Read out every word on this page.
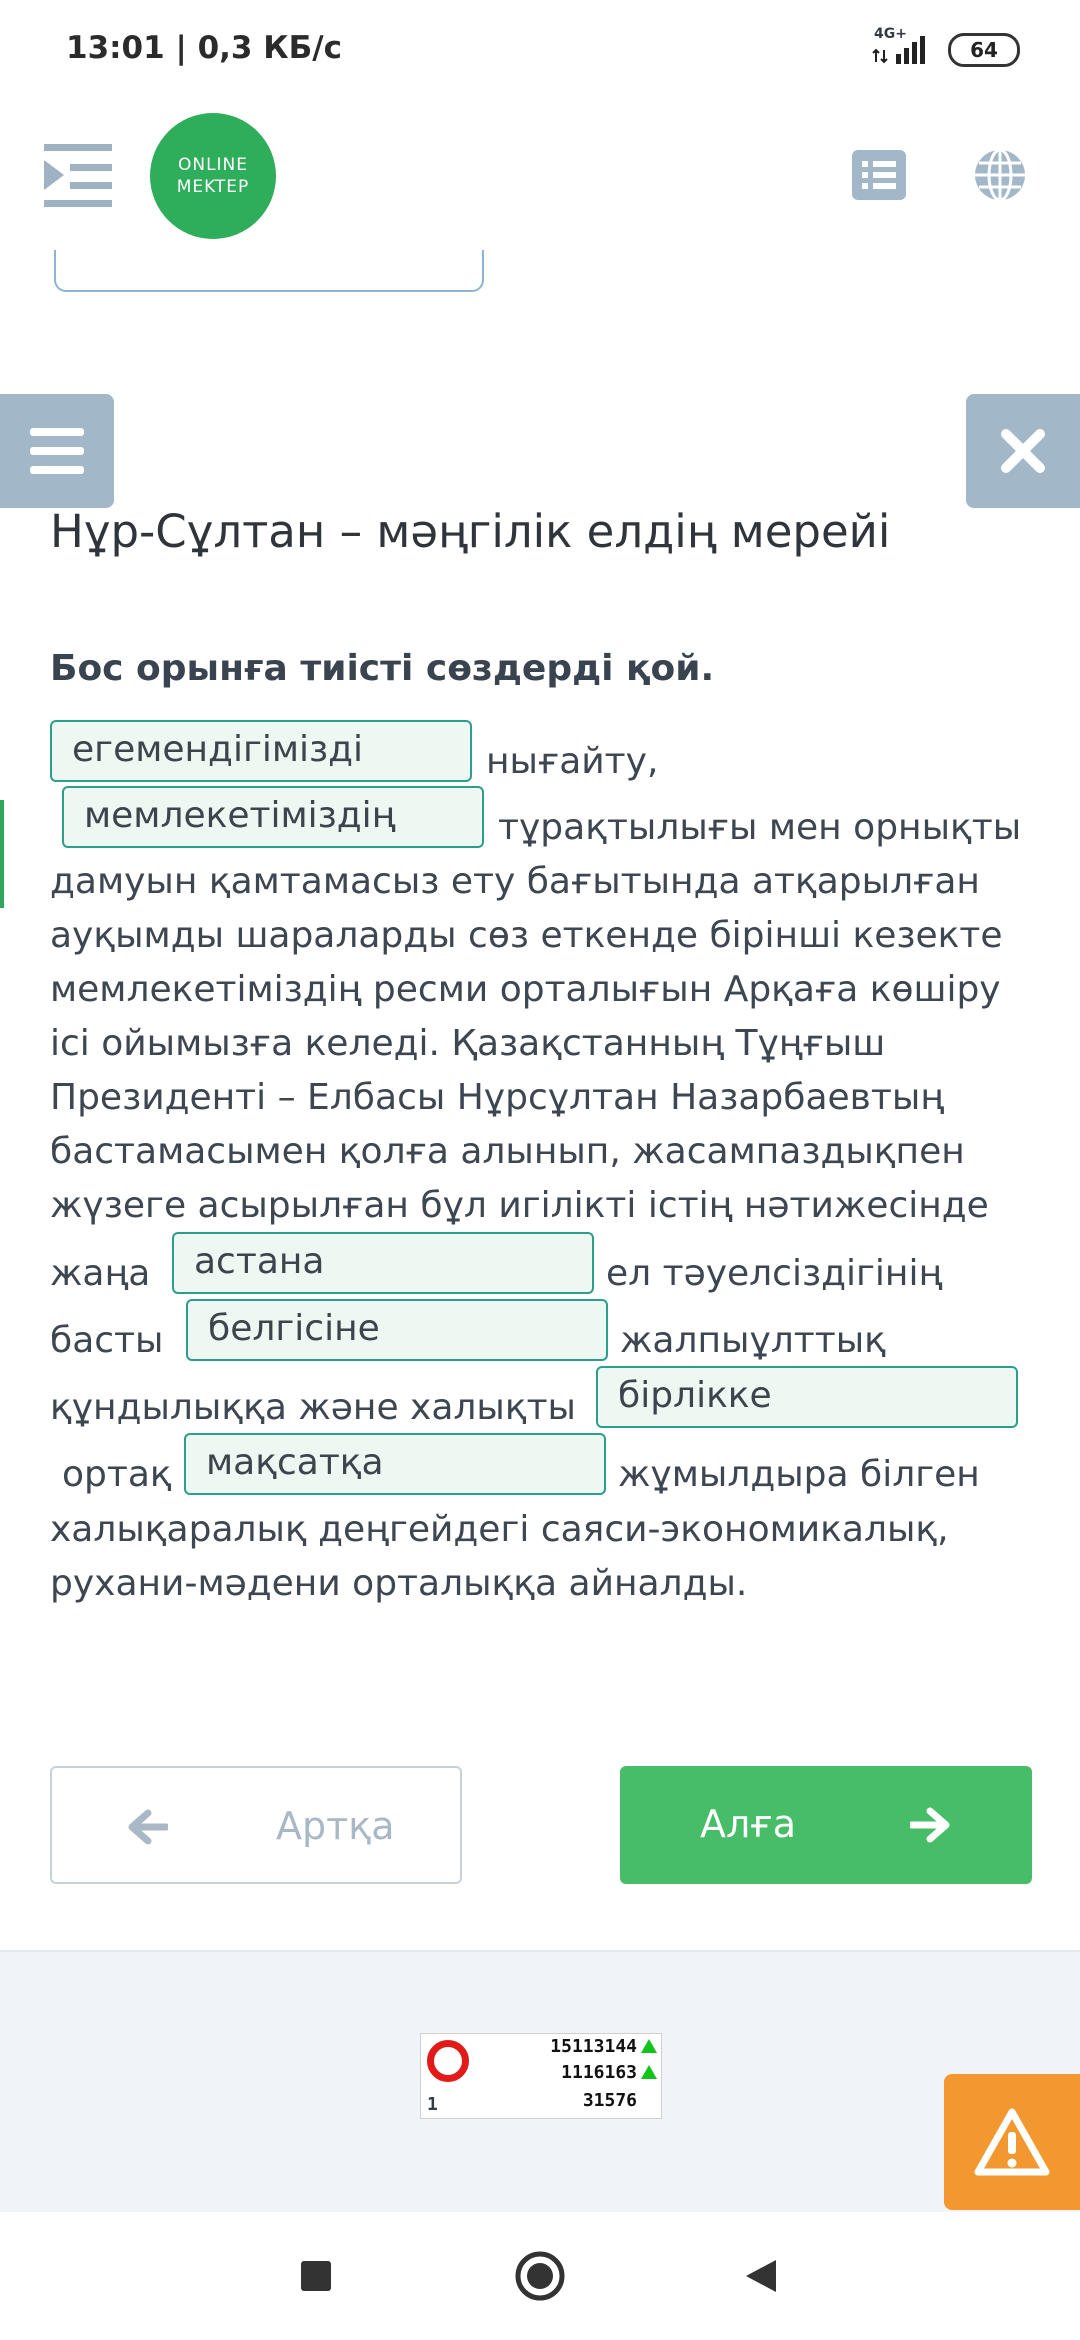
13:01 | 0,3 КБ/с	4G+
64
ONLINE
MEKTEP
Нұр-Сұлтан – мәңгілік елдің мерейі
Бос орынға тиісті сөздерді қой.
егемендігімізді	нығайту,
мемлекетіміздің	тұрақтылығы мен орнықты
дамуын қамтамасыз ету бағытында атқарылған
ауқымды шараларды сөз еткенде бірінші кезекте
мемлекетіміздің ресми орталығын Арқаға көшіру
ісі ойымызға келеді. Қазақстанның Тұңғыш
Президенті – Елбасы Нұрсұлтан Назарбаевтың
бастамасымен қолға алынып, жасампаздықпен
жүзеге асырылған бұл игілікті істің нәтижесінде
жаңа	астана	ел тәуелсіздігінің
басты	белгісіне	жалпыұлттық
құндылыққа және халықты	бірлікке
ортақ мақсатқа	жұмылдыра білген
халықаралық деңгейдегі саяси-экономикалық,
рухани-мәдени орталыққа айналды.
Артқа	Алға
15113144
1116163
31576
1
